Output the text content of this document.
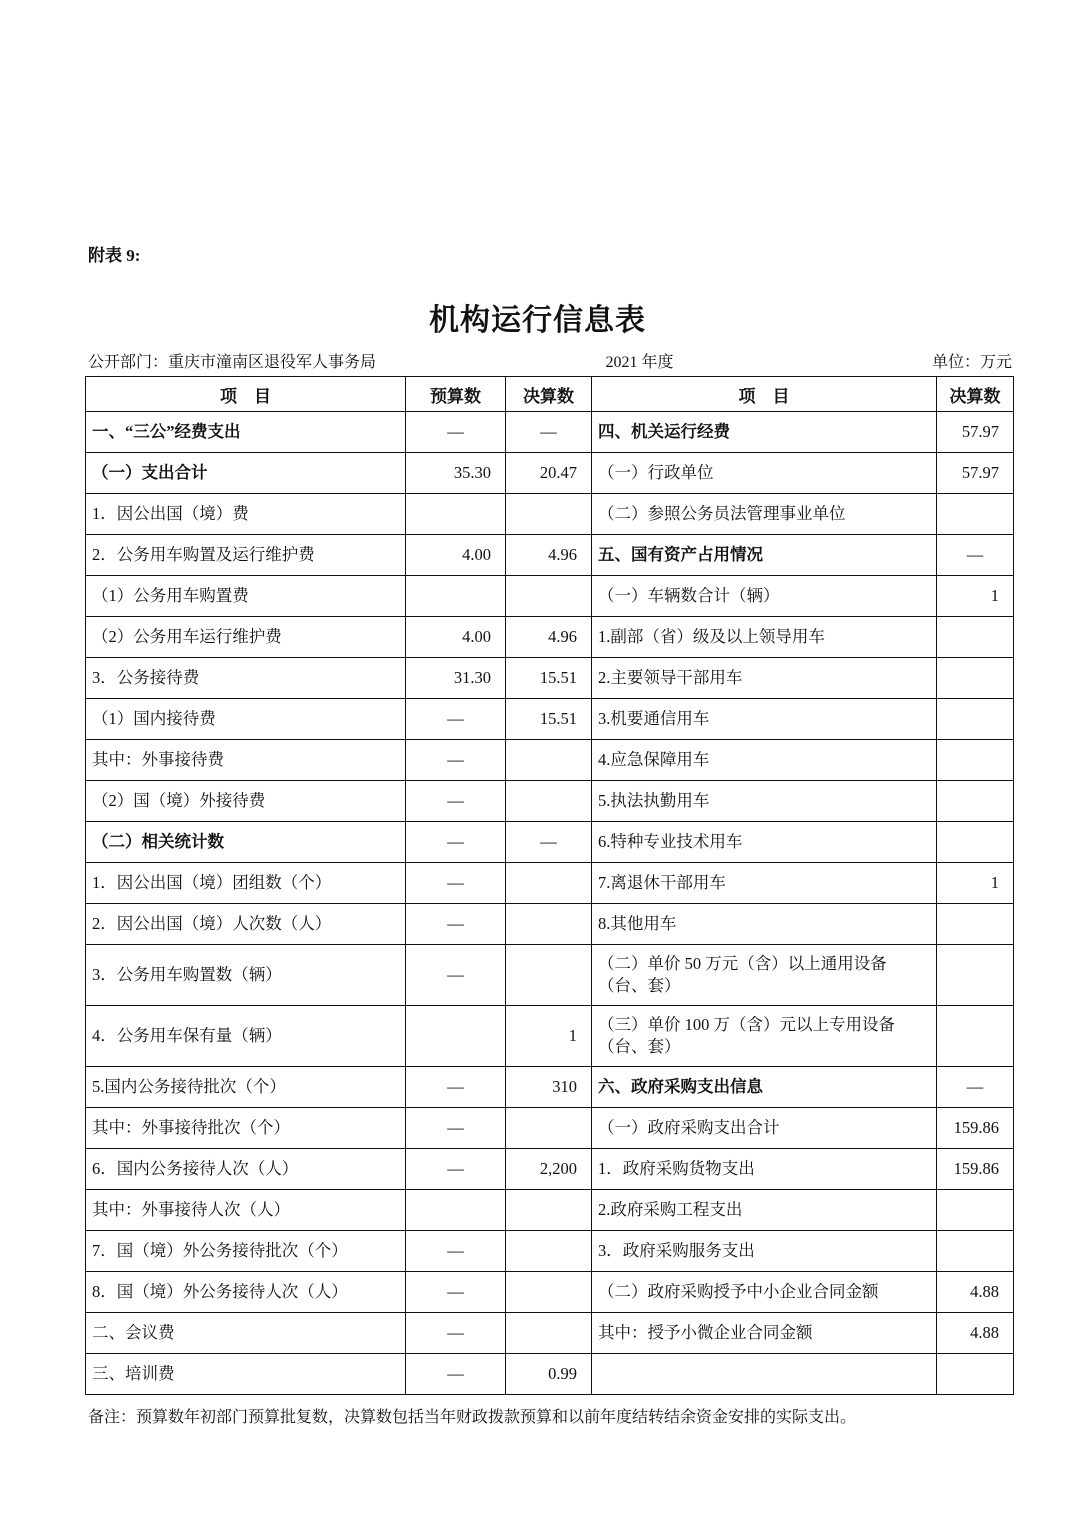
附表 9:
机构运行信息表
公开部门：重庆市潼南区退役军人事务局	2021 年度	单位：万元
项　目	预算数	决算数	项　目	决算数
一、“三公”经费支出	—	—	四、机关运行经费	57.97
（一）支出合计	35.30	20.47	（一）行政单位	57.97
1．因公出国（境）费			（二）参照公务员法管理事业单位	
2．公务用车购置及运行维护费	4.00	4.96	五、国有资产占用情况	—
（1）公务用车购置费			（一）车辆数合计（辆）	1
（2）公务用车运行维护费	4.00	4.96	1.副部（省）级及以上领导用车	
3．公务接待费	31.30	15.51	2.主要领导干部用车	
（1）国内接待费	—	15.51	3.机要通信用车	
其中：外事接待费	—		4.应急保障用车	
（2）国（境）外接待费	—		5.执法执勤用车	
（二）相关统计数	—	—	6.特种专业技术用车	
1．因公出国（境）团组数（个）	—		7.离退休干部用车	1
2．因公出国（境）人次数（人）	—		8.其他用车	
3．公务用车购置数（辆）	—		（二）单价 50 万元（含）以上通用设备（台、套）	
4．公务用车保有量（辆）		1	（三）单价 100 万（含）元以上专用设备（台、套）	
5.国内公务接待批次（个）	—	310	六、政府采购支出信息	—
其中：外事接待批次（个）	—		（一）政府采购支出合计	159.86
6．国内公务接待人次（人）	—	2,200	1．政府采购货物支出	159.86
其中：外事接待人次（人）			2.政府采购工程支出	
7．国（境）外公务接待批次（个）	—		3．政府采购服务支出	
8．国（境）外公务接待人次（人）	—		（二）政府采购授予中小企业合同金额	4.88
二、会议费	—		其中：授予小微企业合同金额	4.88
三、培训费	—	0.99		
备注：预算数年初部门预算批复数，决算数包括当年财政拨款预算和以前年度结转结余资金安排的实际支出。
